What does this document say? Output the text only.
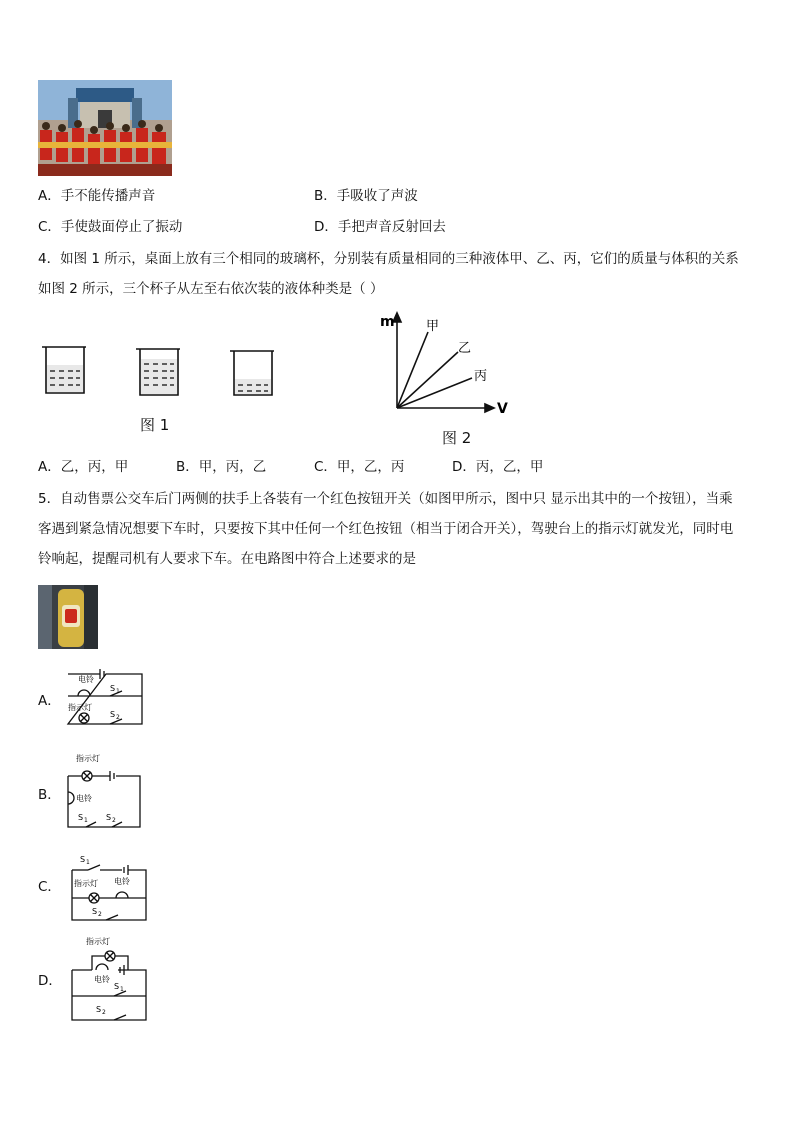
A．手不能传播声音	B．手吸收了声波
C．手使鼓面停止了振动	D．手把声音反射回去
4．如图 1 所示，桌面上放有三个相同的玻璃杯，分别装有质量相同的三种液体甲、乙、丙，它们的质量与体积的关系
如图 2 所示，三个杯子从左至右依次装的液体种类是（ ）
图 1
m
V
甲
乙
丙
图 2
A．乙，丙，甲	B．甲，丙，乙	C．甲，乙，丙	D．丙，乙，甲
5．自动售票公交车后门两侧的扶手上各装有一个红色按钮开关（如图甲所示，图中只 显示出其中的一个按钮），当乘
客遇到紧急情况想要下车时，只要按下其中任何一个红色按钮（相当于闭合开关），驾驶台上的指示灯就发光，同时电
铃响起，提醒司机有人要求下车。在电路图中符合上述要求的是
A．
电铃
指示灯
S 1
S 2
B．
指示灯
电铃
S 1 S 2
C．
S 1
指示灯 电铃
S 2
D．
指示灯
电铃
S 1
S 2
